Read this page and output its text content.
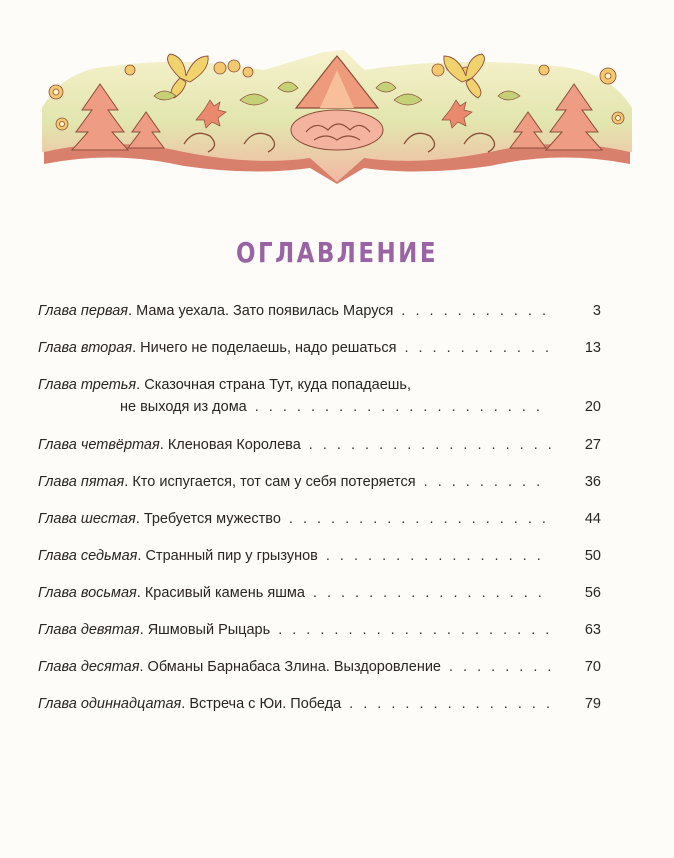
ОГЛАВЛЕНИЕ
Глава первая . Мама уехала. Зато появилась Маруся . . .	3
Глава вторая . Ничего не поделаешь, надо решаться . . .	13
Глава третья . Сказочная страна Тут, куда попадаешь,
не выходя из дома . . .	20
Глава четвёртая . Кленовая Королева . . .	27
Глава пятая . Кто испугается, тот сам у себя потеряется . . .	36
Глава шестая . Требуется мужество . . .	44
Глава седьмая . Странный пир у грызунов . . .	50
Глава восьмая . Красивый камень яшма . . .	56
Глава девятая . Яшмовый Рыцарь . . .	63
Глава десятая . Обманы Барнабаса Злина. Выздоровление . . .	70
Глава одиннадцатая . Встреча с Юи. Победа . . .	79
